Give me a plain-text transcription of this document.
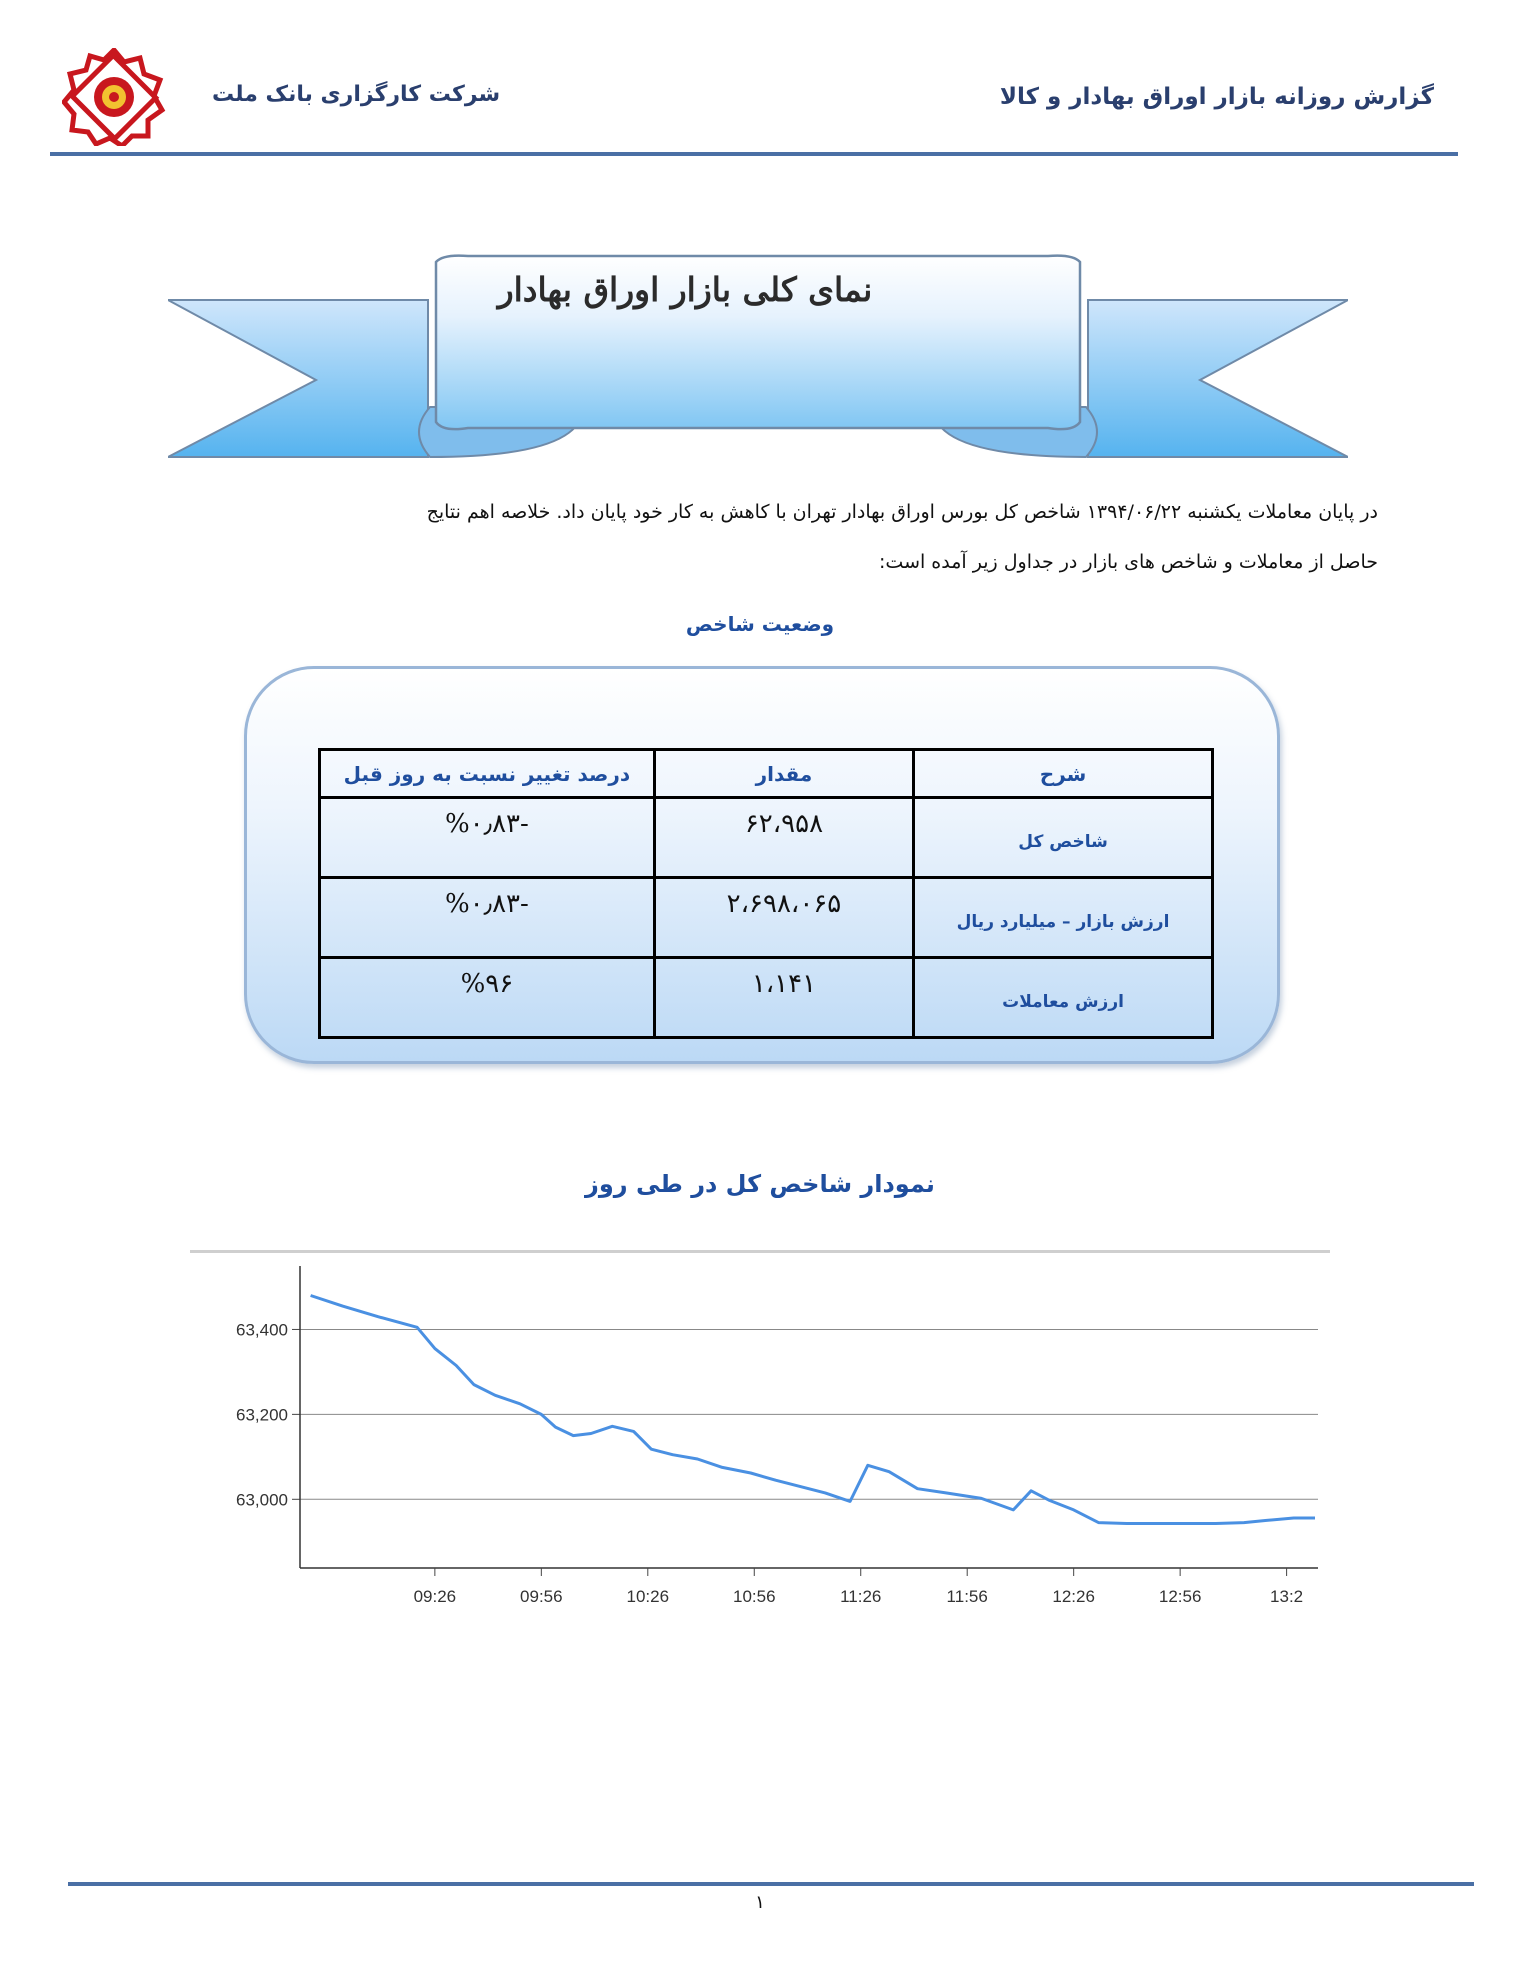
شرکت کارگزاری بانک ملت	گزارش روزانه بازار اوراق بهادار و کالا
نمای کلی بازار اوراق بهادار
در پایان معاملات یکشنبه ۱۳۹۴/۰۶/۲۲ شاخص کل بورس اوراق بهادار تهران با کاهش به کار خود پایان داد. خلاصه اهم نتایج
حاصل از معاملات و شاخص های بازار در جداول زیر آمده است:
وضعیت شاخص
شرح	مقدار	درصد تغییر نسبت به روز قبل
شاخص کل	۶۲،۹۵۸	-%۰٫۸۳
ارزش بازار – میلیارد ریال	۲،۶۹۸،۰۶۵	-%۰٫۸۳
ارزش معاملات	۱،۱۴۱	%۹۶
نمودار شاخص کل در طی روز
63,000
63,200
63,400
09:26	09:56	10:26	10:56	11:26	11:56	12:26	12:56	13:2
۱
